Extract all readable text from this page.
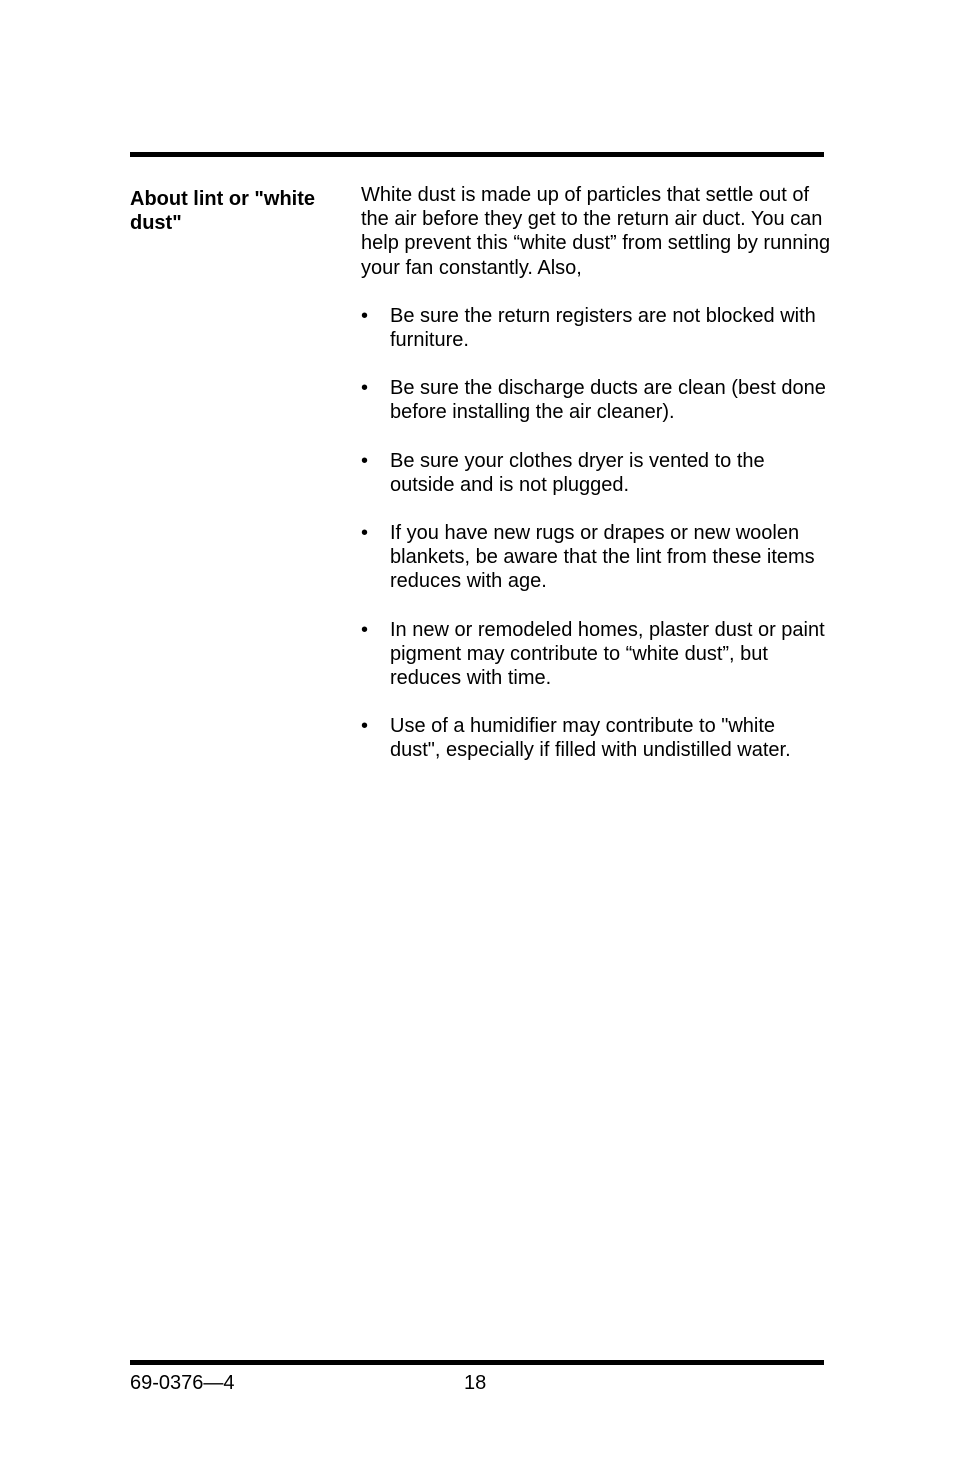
About lint or "white dust"

White dust is made up of particles that settle out of the air before they get to the return air duct. You can help prevent this “white dust” from settling by running your fan constantly. Also,

• Be sure the return registers are not blocked with furniture.
• Be sure the discharge ducts are clean (best done before installing the air cleaner).
• Be sure your clothes dryer is vented to the outside and is not plugged.
• If you have new rugs or drapes or new woolen blankets, be aware that the lint from these items reduces with age.
• In new or remodeled homes, plaster dust or paint pigment may contribute to “white dust”, but reduces with time.
• Use of a humidifier may contribute to "white dust", especially if filled with undistilled water.
69-0376—4	18
